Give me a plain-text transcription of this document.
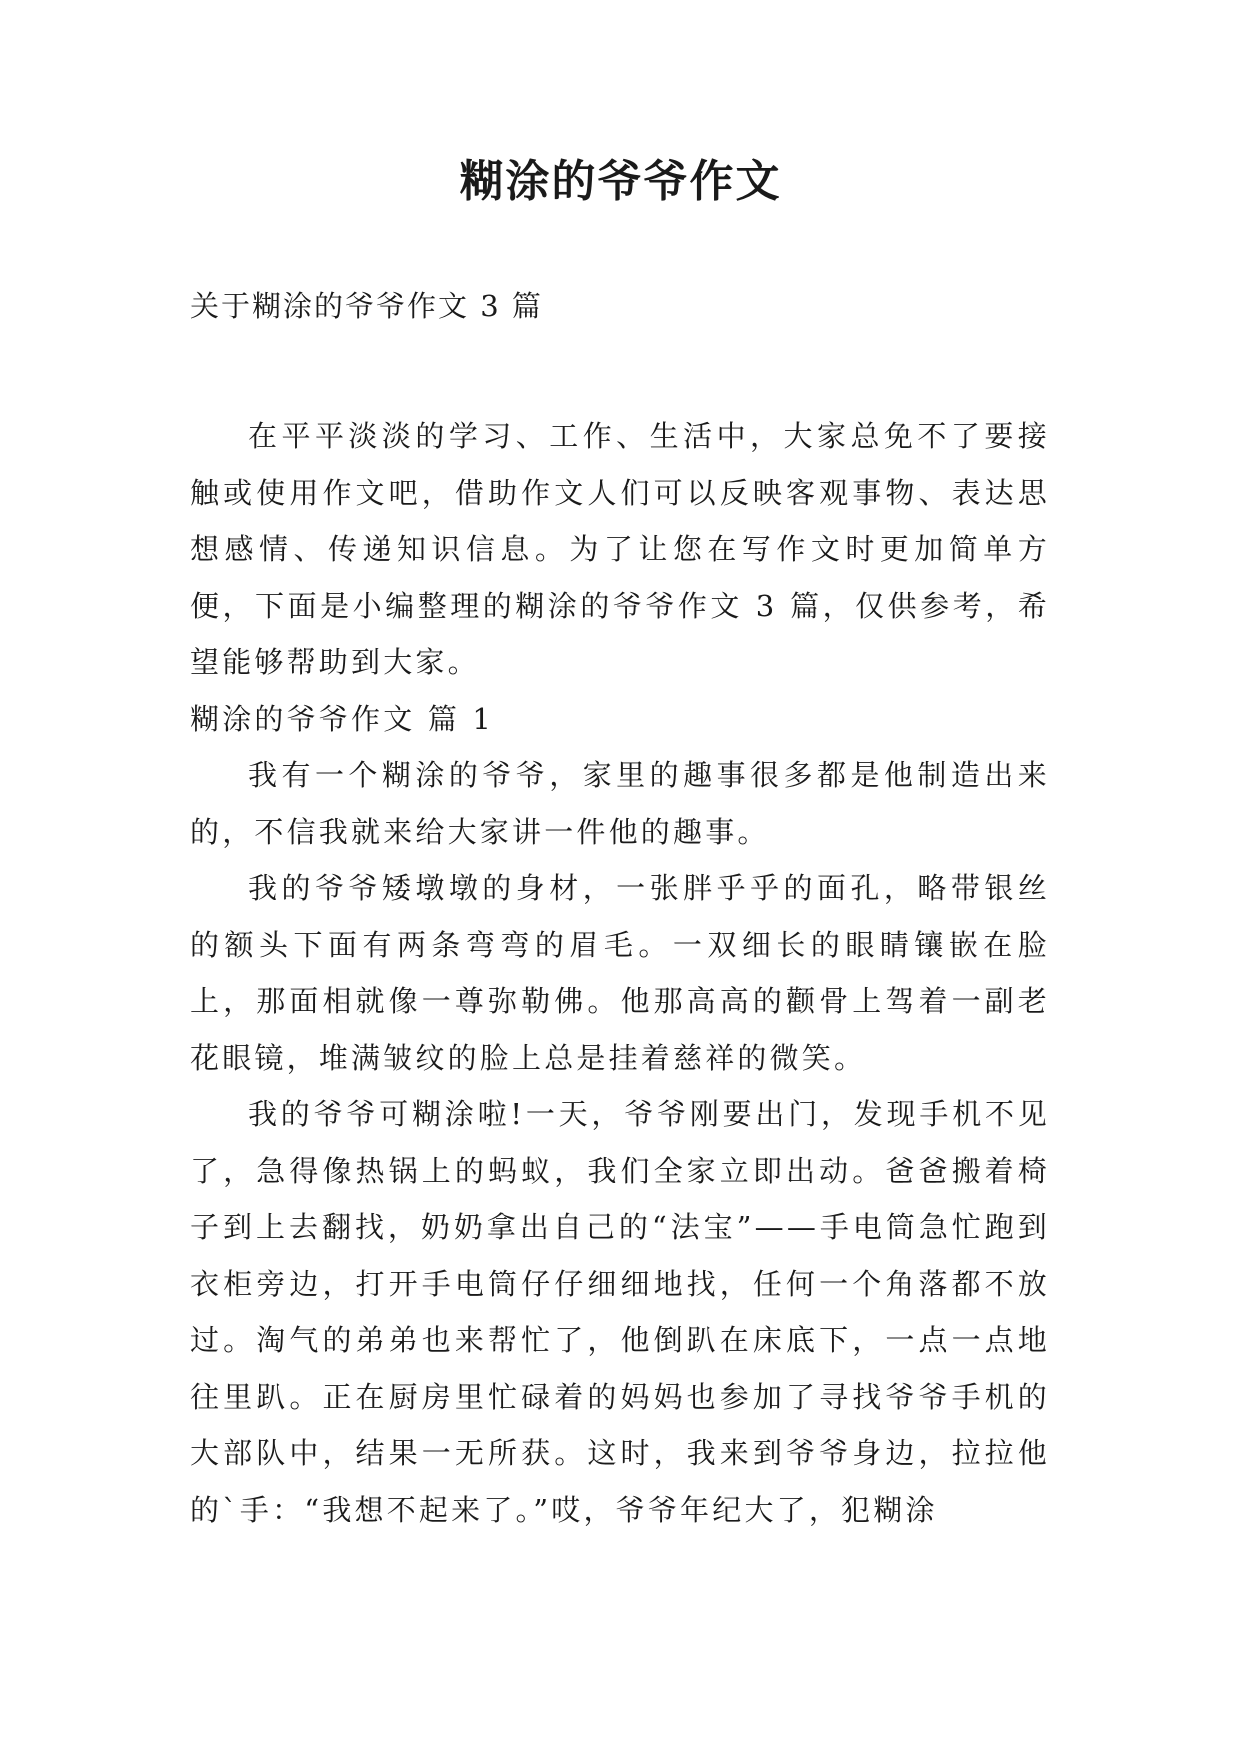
糊涂的爷爷作文

关于糊涂的爷爷作文 3 篇

在平平淡淡的学习、工作、生活中，大家总免不了要接触或使用作文吧，借助作文人们可以反映客观事物、表达思想感情、传递知识信息。为了让您在写作文时更加简单方便，下面是小编整理的糊涂的爷爷作文 3 篇，仅供参考，希望能够帮助到大家。

糊涂的爷爷作文 篇 1

我有一个糊涂的爷爷，家里的趣事很多都是他制造出来的，不信我就来给大家讲一件他的趣事。

我的爷爷矮墩墩的身材，一张胖乎乎的面孔，略带银丝的额头下面有两条弯弯的眉毛。一双细长的眼睛镶嵌在脸上，那面相就像一尊弥勒佛。他那高高的颧骨上驾着一副老花眼镜，堆满皱纹的脸上总是挂着慈祥的微笑。

我的爷爷可糊涂啦!一天，爷爷刚要出门，发现手机不见了，急得像热锅上的蚂蚁，我们全家立即出动。爸爸搬着椅子到上去翻找，奶奶拿出自己的“法宝”——手电筒急忙跑到衣柜旁边，打开手电筒仔仔细细地找，任何一个角落都不放过。淘气的弟弟也来帮忙了，他倒趴在床底下，一点一点地往里趴。正在厨房里忙碌着的妈妈也参加了寻找爷爷手机的大部队中，结果一无所获。这时，我来到爷爷身边，拉拉他的`手：“我想不起来了。”哎，爷爷年纪大了，犯糊涂
